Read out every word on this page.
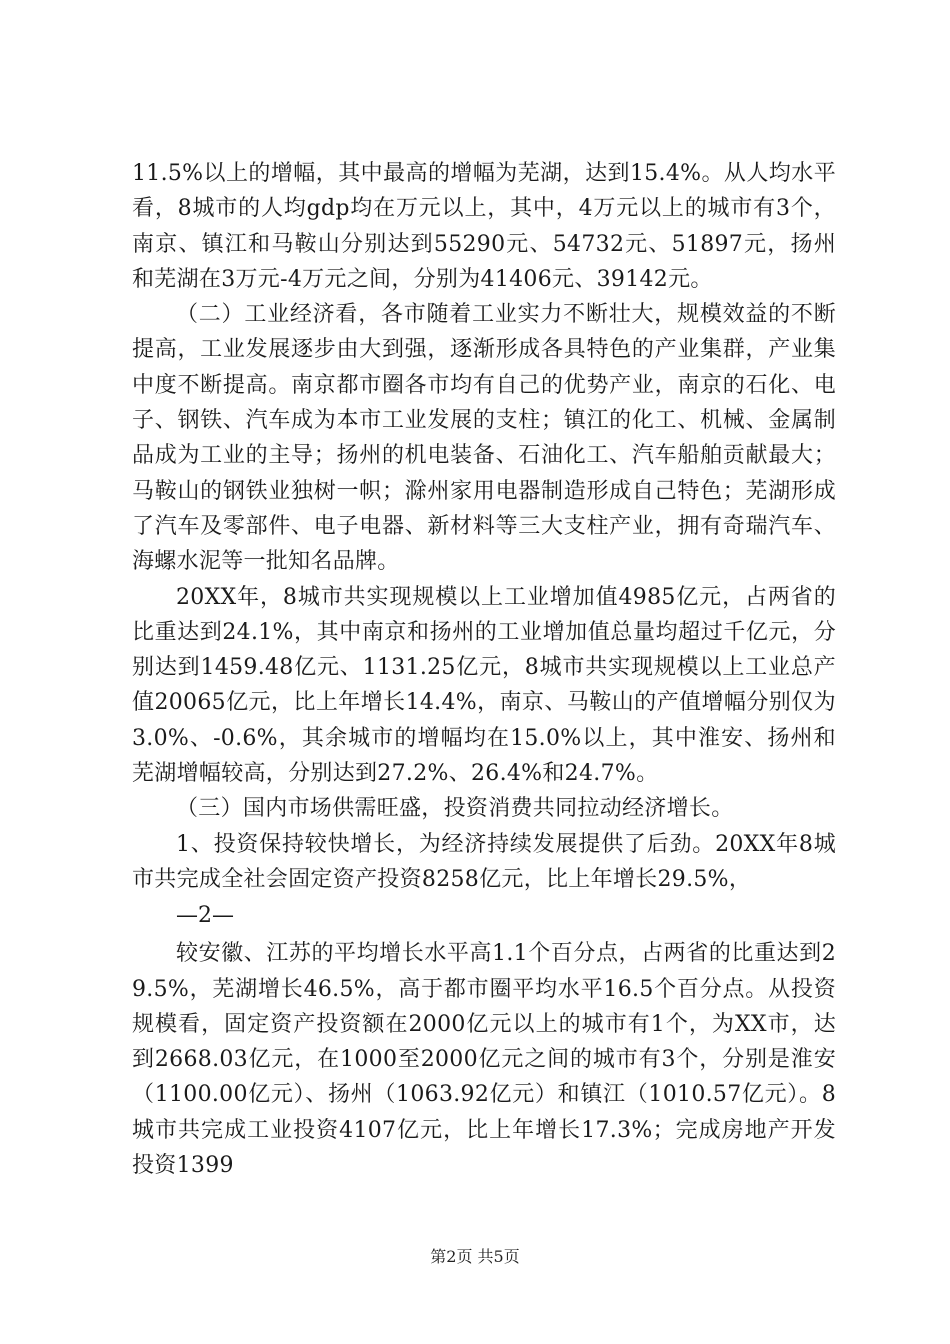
11.5%以上的增幅，其中最高的增幅为芜湖，达到15.4%。从人均水平看，8城市的人均gdp均在万元以上，其中，4万元以上的城市有3个，南京、镇江和马鞍山分别达到55290元、54732元、51897元，扬州和芜湖在3万元-4万元之间，分别为41406元、39142元。

（二）工业经济看，各市随着工业实力不断壮大，规模效益的不断提高，工业发展逐步由大到强，逐渐形成各具特色的产业集群，产业集中度不断提高。南京都市圈各市均有自己的优势产业，南京的石化、电子、钢铁、汽车成为本市工业发展的支柱；镇江的化工、机械、金属制品成为工业的主导；扬州的机电装备、石油化工、汽车船舶贡献最大；马鞍山的钢铁业独树一帜；滁州家用电器制造形成自己特色；芜湖形成了汽车及零部件、电子电器、新材料等三大支柱产业，拥有奇瑞汽车、海螺水泥等一批知名品牌。

20XX年，8城市共实现规模以上工业增加值4985亿元，占两省的比重达到24.1%，其中南京和扬州的工业增加值总量均超过千亿元，分别达到1459.48亿元、1131.25亿元，8城市共实现规模以上工业总产值20065亿元，比上年增长14.4%，南京、马鞍山的产值增幅分别仅为3.0%、-0.6%，其余城市的增幅均在15.0%以上，其中淮安、扬州和芜湖增幅较高，分别达到27.2%、26.4%和24.7%。

（三）国内市场供需旺盛，投资消费共同拉动经济增长。

1、投资保持较快增长，为经济持续发展提供了后劲。20XX年8城市共完成全社会固定资产投资8258亿元，比上年增长29.5%，

—2—

较安徽、江苏的平均增长水平高1.1个百分点，占两省的比重达到29.5%，芜湖增长46.5%，高于都市圈平均水平16.5个百分点。从投资规模看，固定资产投资额在2000亿元以上的城市有1个，为XX市，达到2668.03亿元，在1000至2000亿元之间的城市有3个，分别是淮安（1100.00亿元）、扬州（1063.92亿元）和镇江（1010.57亿元）。8城市共完成工业投资4107亿元，比上年增长17.3%；完成房地产开发投资1399

第2页 共5页
